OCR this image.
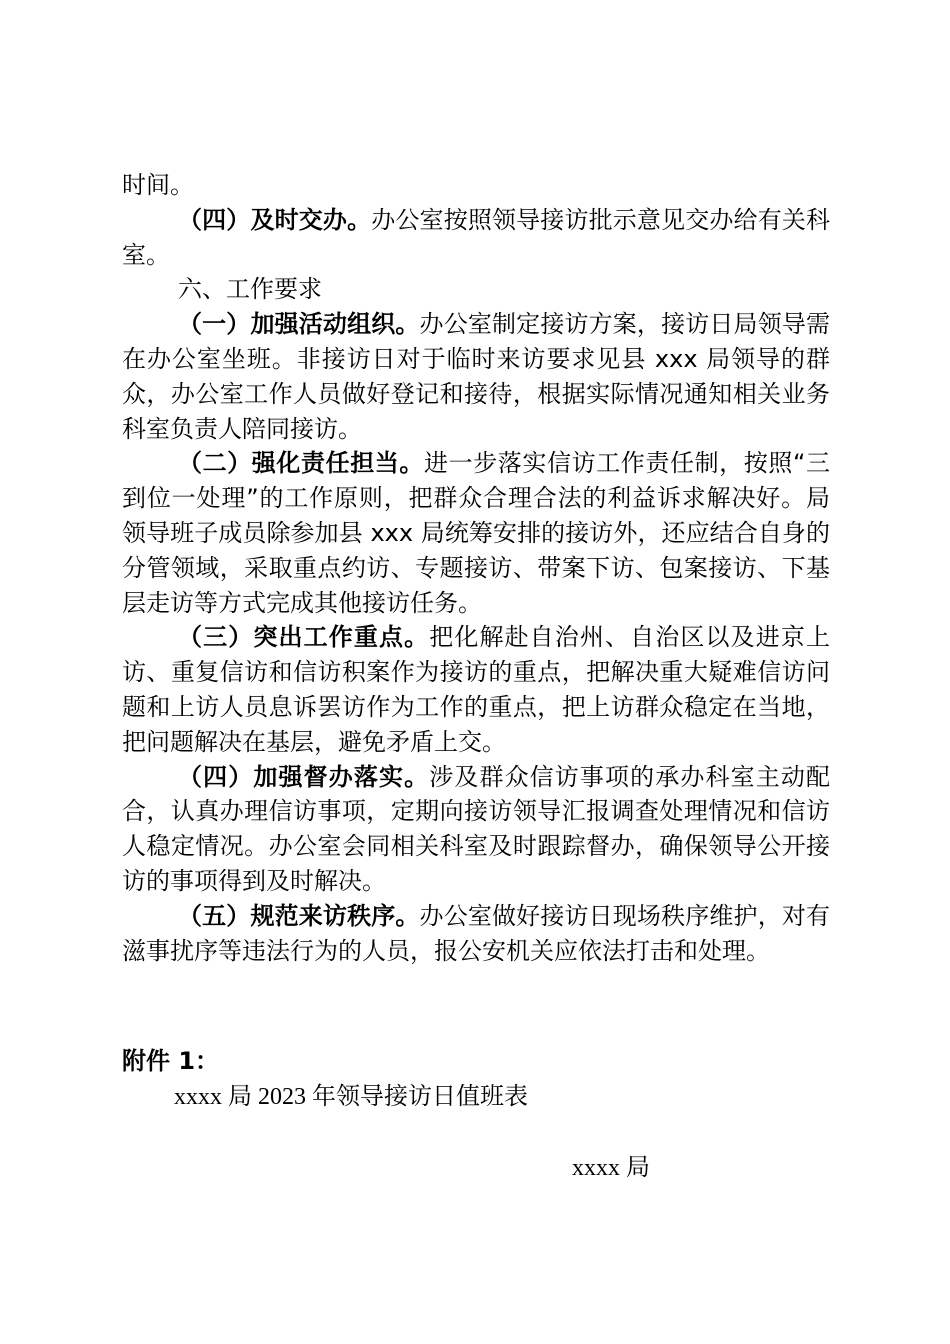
时间。

（四）及时交办。办公室按照领导接访批示意见交办给有关科室。

六、工作要求

（一）加强活动组织。办公室制定接访方案，接访日局领导需在办公室坐班。非接访日对于临时来访要求见县 xxx 局领导的群众，办公室工作人员做好登记和接待，根据实际情况通知相关业务科室负责人陪同接访。

（二）强化责任担当。进一步落实信访工作责任制，按照“三到位一处理”的工作原则，把群众合理合法的利益诉求解决好。局领导班子成员除参加县 xxx 局统筹安排的接访外，还应结合自身的分管领域，采取重点约访、专题接访、带案下访、包案接访、下基层走访等方式完成其他接访任务。

（三）突出工作重点。把化解赴自治州、自治区以及进京上访、重复信访和信访积案作为接访的重点，把解决重大疑难信访问题和上访人员息诉罢访作为工作的重点，把上访群众稳定在当地，把问题解决在基层，避免矛盾上交。

（四）加强督办落实。涉及群众信访事项的承办科室主动配合，认真办理信访事项，定期向接访领导汇报调查处理情况和信访人稳定情况。办公室会同相关科室及时跟踪督办，确保领导公开接访的事项得到及时解决。

（五）规范来访秩序。办公室做好接访日现场秩序维护，对有滋事扰序等违法行为的人员，报公安机关应依法打击和处理。

附件 1：
xxxx 局 2023 年领导接访日值班表
xxxx 局
